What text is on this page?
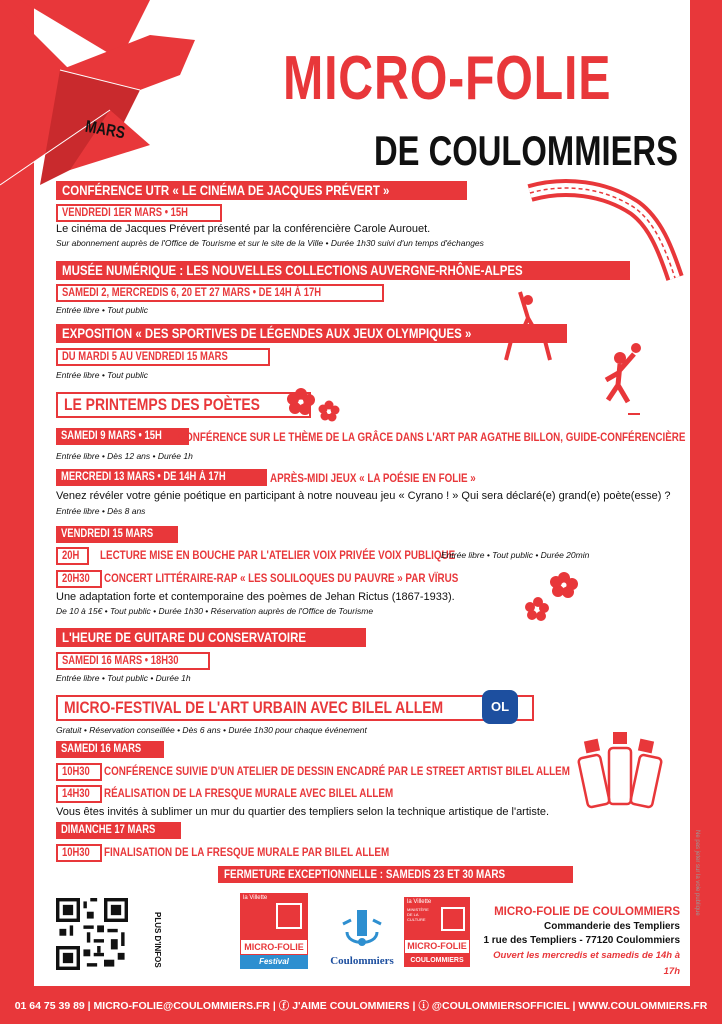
MARS
MICRO-FOLIE
DE COULOMMIERS
CONFÉRENCE UTR « LE CINÉMA DE JACQUES PRÉVERT »
VENDREDI 1ER MARS • 15H
Le cinéma de Jacques Prévert présenté par la conférencière Carole Aurouet.
Sur abonnement auprès de l'Office de Tourisme et sur le site de la Ville • Durée 1h30 suivi d'un temps d'échanges
MUSÉE NUMÉRIQUE : LES NOUVELLES COLLECTIONS AUVERGNE-RHÔNE-ALPES
SAMEDI 2, MERCREDIS 6, 20 ET 27 MARS • DE 14H À 17H
Entrée libre • Tout public
EXPOSITION « DES SPORTIVES DE LÉGENDES AUX JEUX OLYMPIQUES »
DU MARDI 5 AU VENDREDI 15 MARS
Entrée libre • Tout public
LE PRINTEMPS DES POÈTES
SAMEDI 9 MARS • 15H	CONFÉRENCE SUR LE THÈME DE LA GRÂCE DANS L'ART PAR AGATHE BILLON, GUIDE-CONFÉRENCIÈRE
Entrée libre • Dès 12 ans • Durée 1h
MERCREDI 13 MARS • DE 14H À 17H	APRÈS-MIDI JEUX « LA POÉSIE EN FOLIE »
Venez révéler votre génie poétique en participant à notre nouveau jeu « Cyrano ! » Qui sera déclaré(e) grand(e) poète(esse) ?
Entrée libre • Dès 8 ans
VENDREDI 15 MARS
20H	LECTURE MISE EN BOUCHE PAR L'ATELIER VOIX PRIVÉE VOIX PUBLIQUE
Entrée libre • Tout public • Durée 20min
20H30	CONCERT LITTÉRAIRE-RAP « LES SOLILOQUES DU PAUVRE » PAR VÏRUS
Une adaptation forte et contemporaine des poèmes de Jehan Rictus (1867-1933).
De 10 à 15€ • Tout public • Durée 1h30 • Réservation auprès de l'Office de Tourisme
L'HEURE DE GUITARE DU CONSERVATOIRE
SAMEDI 16 MARS • 18H30
Entrée libre • Tout public • Durée 1h
MICRO-FESTIVAL DE L'ART URBAIN AVEC BILEL ALLEM	OL
Gratuit • Réservation conseillée • Dès 6 ans • Durée 1h30 pour chaque événement
SAMEDI 16 MARS
10H30	CONFÉRENCE SUIVIE D'UN ATELIER DE DESSIN ENCADRÉ PAR LE STREET ARTIST BILEL ALLEM
14H30	RÉALISATION DE LA FRESQUE MURALE AVEC BILEL ALLEM
Vous êtes invités à sublimer un mur du quartier des templiers selon la technique artistique de l'artiste.
DIMANCHE 17 MARS
10H30	FINALISATION DE LA FRESQUE MURALE PAR BILEL ALLEM
FERMETURE EXCEPTIONNELLE : SAMEDIS 23 ET 30 MARS
PLUS D'INFOS
la Villette
MICRO-FOLIE
Festival	Coulommiers
la Villette
MINISTÈRE DE LA CULTURE
MICRO-FOLIE
COULOMMIERS
MICRO-FOLIE DE COULOMMIERS
Commanderie des Templiers
1 rue des Templiers - 77120 Coulommiers
Ouvert les mercredis et samedis de 14h à 17h
Ne pas jeter sur la voie publique
01 64 75 39 89 | MICRO-FOLIE@COULOMMIERS.FR | ⓕ J'AIME COULOMMIERS | ⓘ @COULOMMIERSOFFICIEL | WWW.COULOMMIERS.FR
